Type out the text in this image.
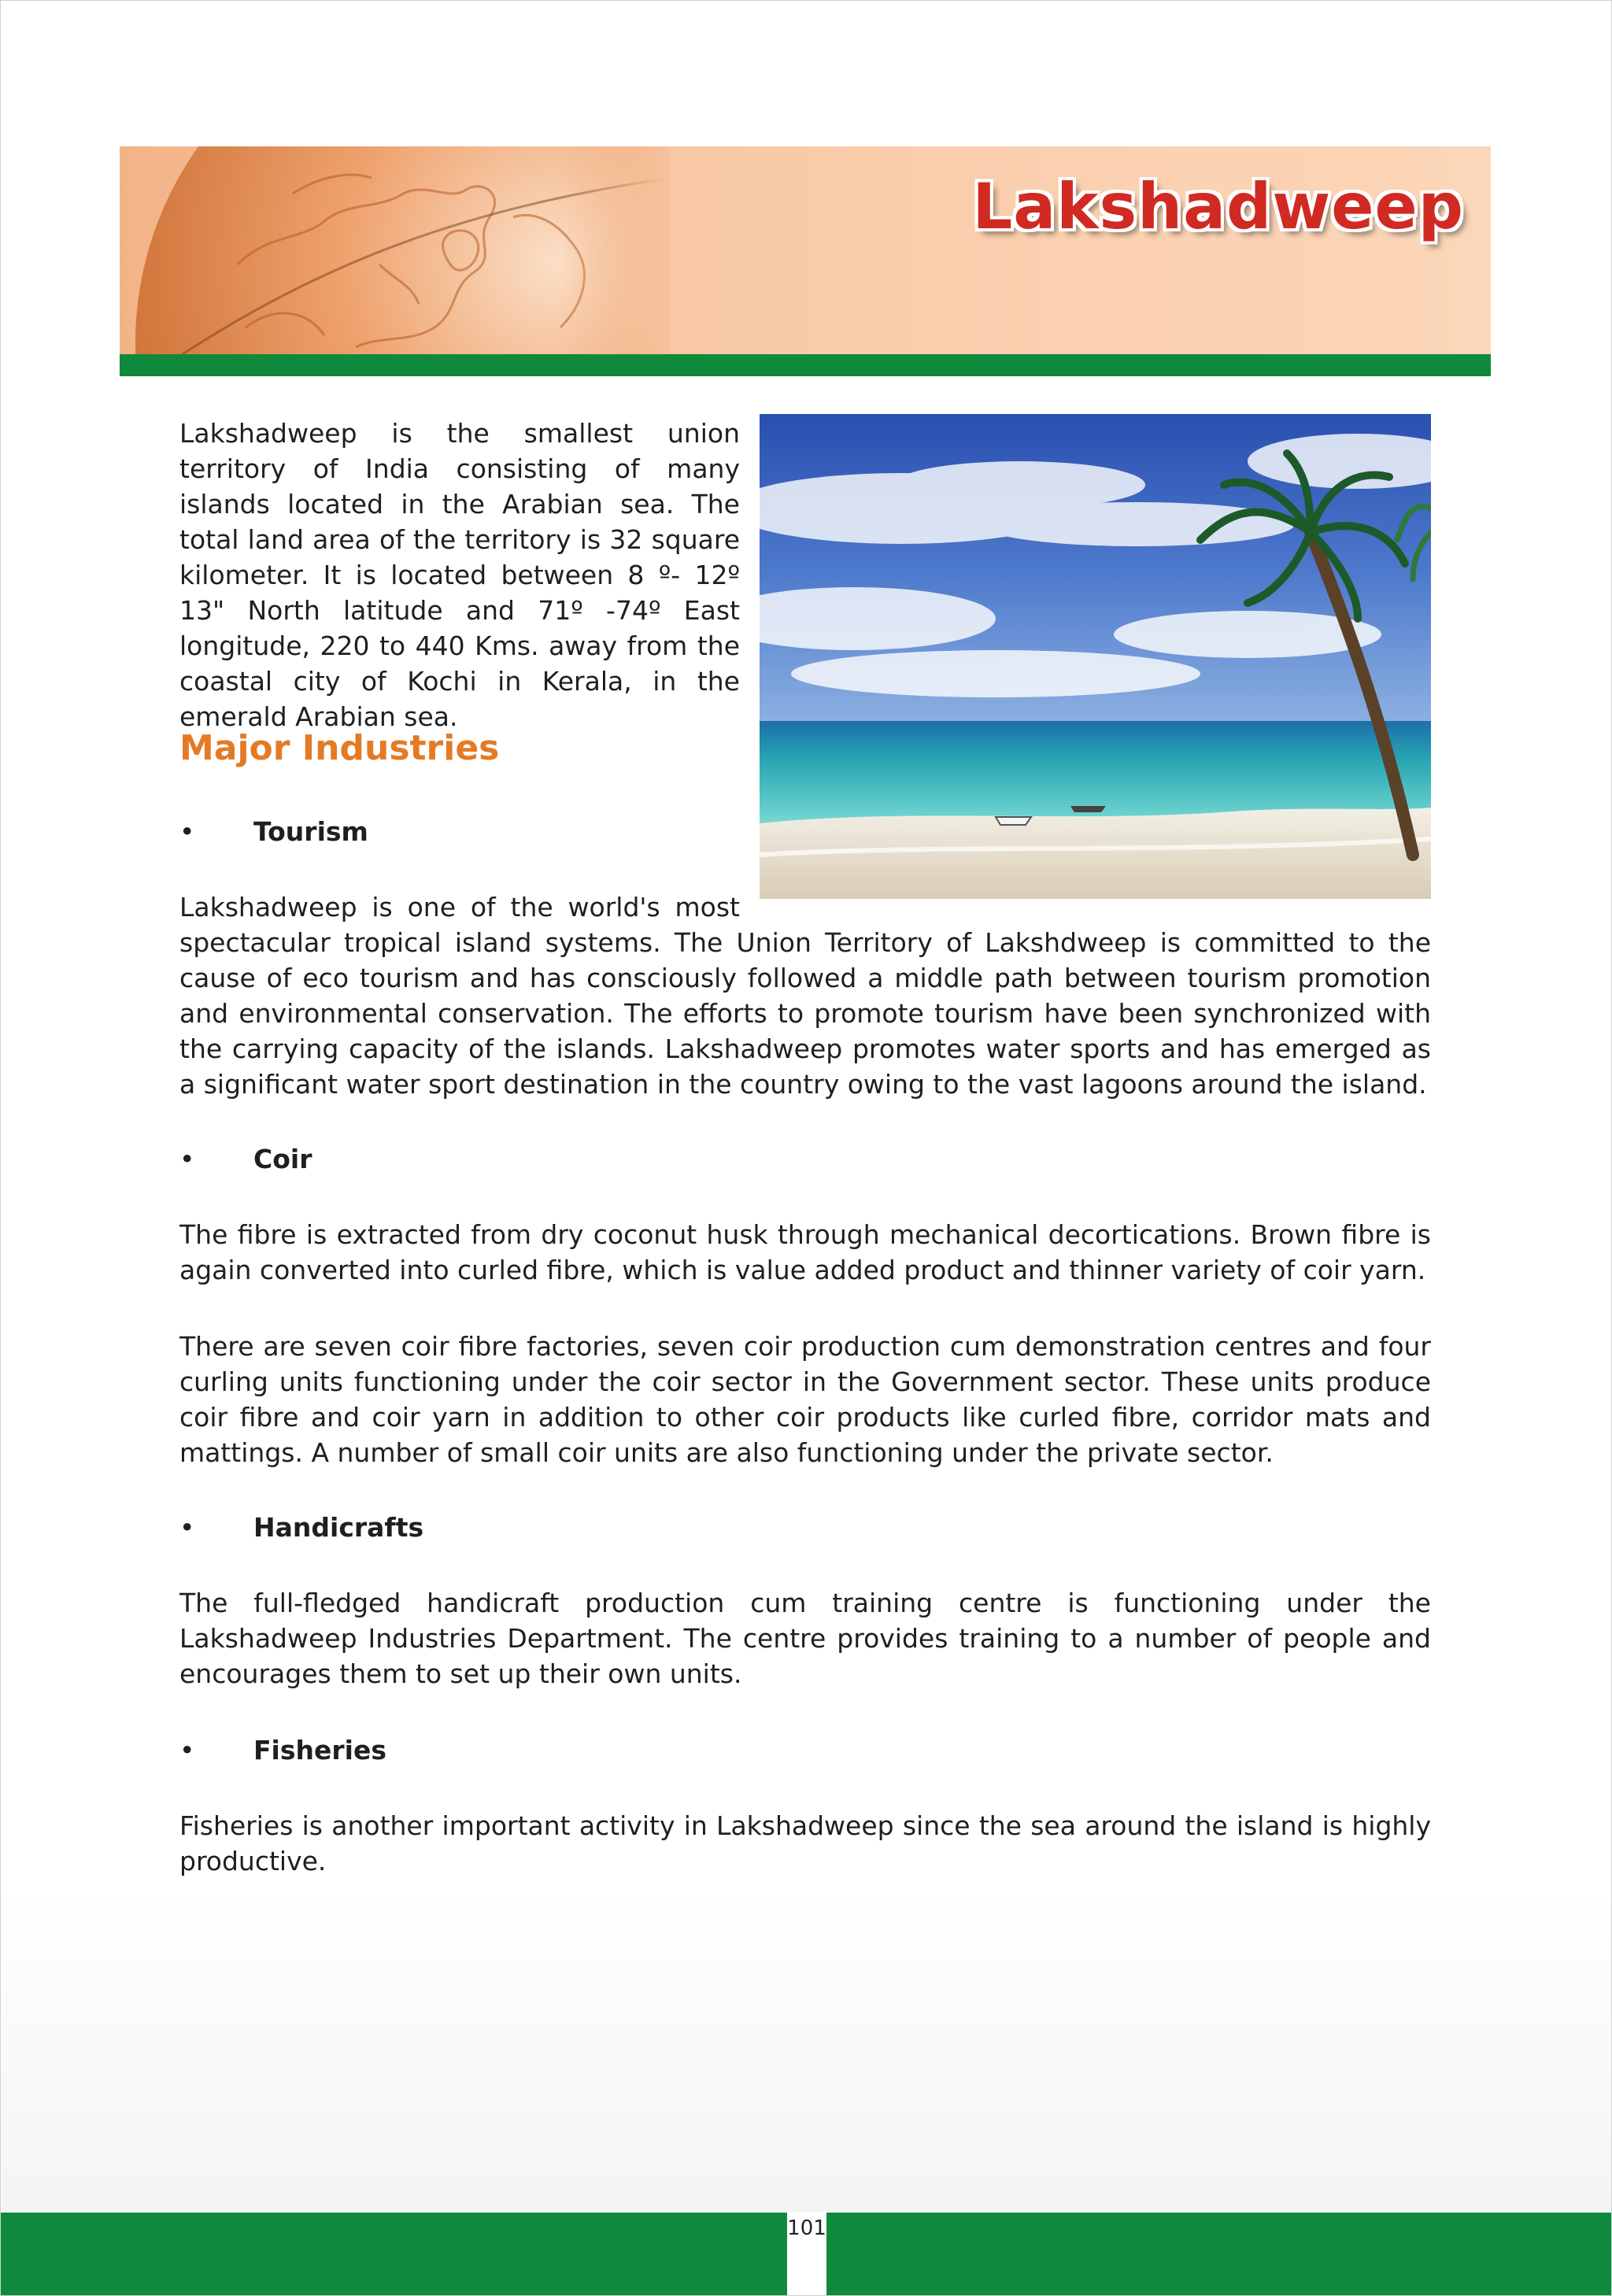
Lakshadweep
Lakshadweep is the smallest union territory of India consisting of many islands located in the Arabian sea. The total land area of the territory is 32 square kilometer. It is located between 8 º- 12º 13" North latitude and 71º -74º East longitude, 220 to 440 Kms. away from the coastal city of Kochi in Kerala, in the emerald Arabian sea.
Major Industries
• Tourism
Lakshadweep is one of the world's most
spectacular tropical island systems. The Union Territory of Lakshdweep is committed to the cause of eco tourism and has consciously followed a middle path between tourism promotion and environmental conservation. The efforts to promote tourism have been synchronized with the carrying capacity of the islands. Lakshadweep promotes water sports and has emerged as a significant water sport destination in the country owing to the vast lagoons around the island.
• Coir
The fibre is extracted from dry coconut husk through mechanical decortications. Brown fibre is again converted into curled fibre, which is value added product and thinner variety of coir yarn.
There are seven coir fibre factories, seven coir production cum demonstration centres and four curling units functioning under the coir sector in the Government sector. These units produce coir fibre and coir yarn in addition to other coir products like curled fibre, corridor mats and mattings. A number of small coir units are also functioning under the private sector.
• Handicrafts
The full-fledged handicraft production cum training centre is functioning under the Lakshadweep Industries Department. The centre provides training to a number of people and encourages them to set up their own units.
• Fisheries
Fisheries is another important activity in Lakshadweep since the sea around the island is highly productive.
101
